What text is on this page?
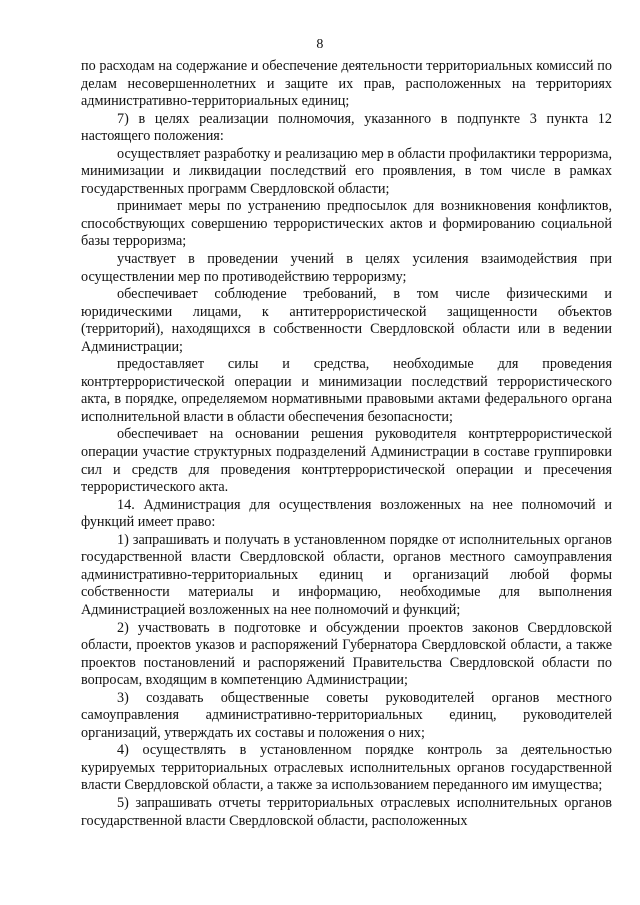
8

по расходам на содержание и обеспечение деятельности территориальных комиссий по делам несовершеннолетних и защите их прав, расположенных на территориях административно-территориальных единиц;

7) в целях реализации полномочия, указанного в подпункте 3 пункта 12 настоящего положения:

осуществляет разработку и реализацию мер в области профилактики терроризма, минимизации и ликвидации последствий его проявления, в том числе в рамках государственных программ Свердловской области;

принимает меры по устранению предпосылок для возникновения конфликтов, способствующих совершению террористических актов и формированию социальной базы терроризма;

участвует в проведении учений в целях усиления взаимодействия при осуществлении мер по противодействию терроризму;

обеспечивает соблюдение требований, в том числе физическими и юридическими лицами, к антитеррористической защищенности объектов (территорий), находящихся в собственности Свердловской области или в ведении Администрации;

предоставляет силы и средства, необходимые для проведения контртеррористической операции и минимизации последствий террористического акта, в порядке, определяемом нормативными правовыми актами федерального органа исполнительной власти в области обеспечения безопасности;

обеспечивает на основании решения руководителя контртеррористической операции участие структурных подразделений Администрации в составе группировки сил и средств для проведения контртеррористической операции и пресечения террористического акта.

14. Администрация для осуществления возложенных на нее полномочий и функций имеет право:

1) запрашивать и получать в установленном порядке от исполнительных органов государственной власти Свердловской области, органов местного самоуправления административно-территориальных единиц и организаций любой формы собственности материалы и информацию, необходимые для выполнения Администрацией возложенных на нее полномочий и функций;

2) участвовать в подготовке и обсуждении проектов законов Свердловской области, проектов указов и распоряжений Губернатора Свердловской области, а также проектов постановлений и распоряжений Правительства Свердловской области по вопросам, входящим в компетенцию Администрации;

3) создавать общественные советы руководителей органов местного самоуправления административно-территориальных единиц, руководителей организаций, утверждать их составы и положения о них;

4) осуществлять в установленном порядке контроль за деятельностью курируемых территориальных отраслевых исполнительных органов государственной власти Свердловской области, а также за использованием переданного им имущества;

5) запрашивать отчеты территориальных отраслевых исполнительных органов государственной власти Свердловской области, расположенных
